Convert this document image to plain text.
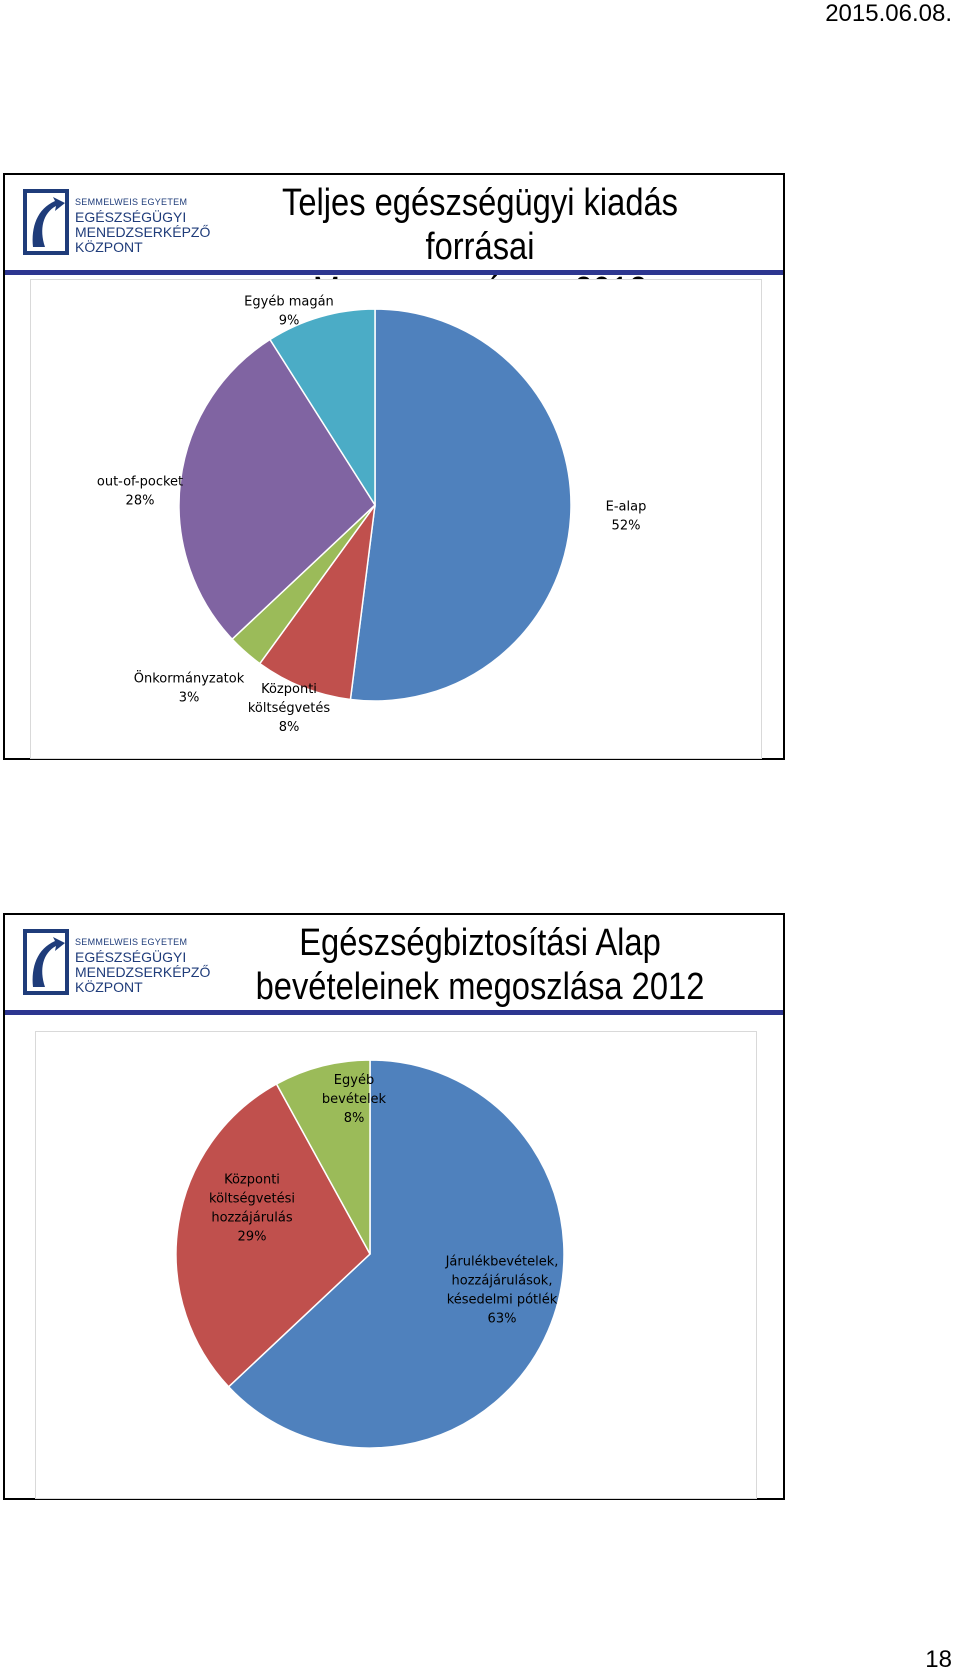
2015.06.08.
SEMMELWEIS EGYETEM
EGÉSZSÉGÜGYI
MENEDZSERKÉPZŐ
KÖZPONT
Teljes egészségügyi kiadás forrásai
E-alap 52%
Központi költségvetés 8%
Önkormányzatok 3%
out-of-pocket 28%
Egyéb magán 9%
SEMMELWEIS EGYETEM
EGÉSZSÉGÜGYI
MENEDZSERKÉPZŐ
KÖZPONT
Egészségbiztosítási Alap
bevételeinek megoszlása 2012
Járulékbevételek, hozzájárulások, késedelmi pótlék 63%
Központi költségvetési hozzájárulás 29%
Egyéb bevételek 8%
18
